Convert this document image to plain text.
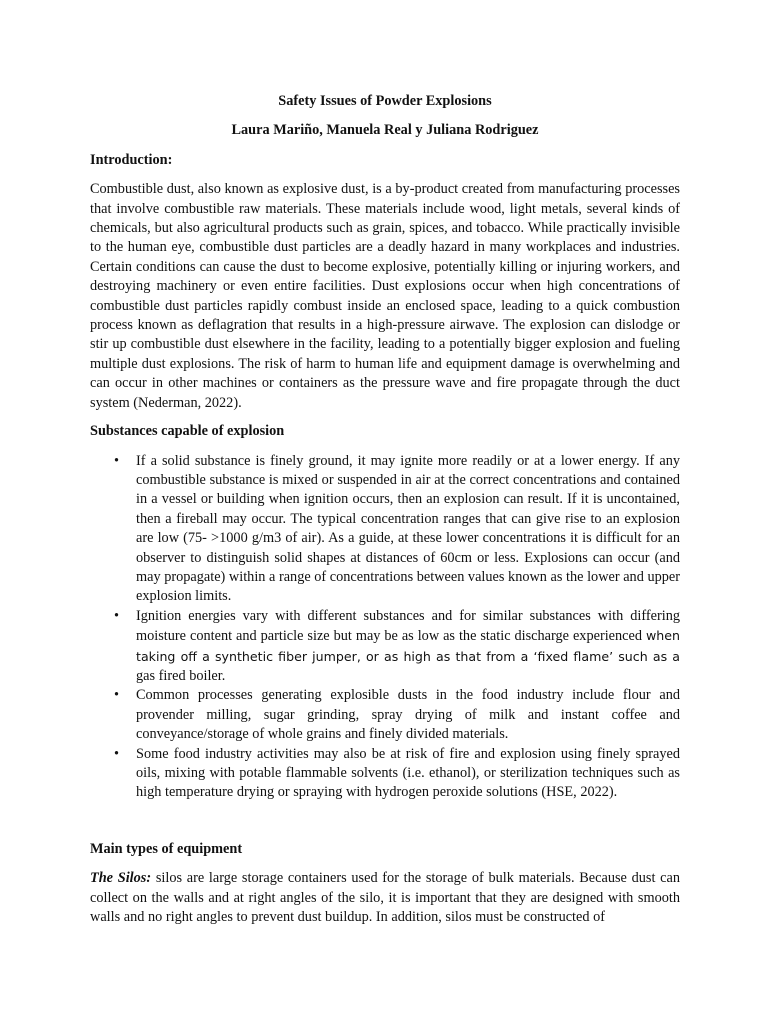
Safety Issues of Powder Explosions

Laura Mariño, Manuela Real y Juliana Rodriguez

Introduction:

Combustible dust, also known as explosive dust, is a by-product created from manufacturing processes that involve combustible raw materials. These materials include wood, light metals, several kinds of chemicals, but also agricultural products such as grain, spices, and tobacco. While practically invisible to the human eye, combustible dust particles are a deadly hazard in many workplaces and industries. Certain conditions can cause the dust to become explosive, potentially killing or injuring workers, and destroying machinery or even entire facilities. Dust explosions occur when high concentrations of combustible dust particles rapidly combust inside an enclosed space, leading to a quick combustion process known as deflagration that results in a high-pressure airwave. The explosion can dislodge or stir up combustible dust elsewhere in the facility, leading to a potentially bigger explosion and fueling multiple dust explosions. The risk of harm to human life and equipment damage is overwhelming and can occur in other machines or containers as the pressure wave and fire propagate through the duct system (Nederman, 2022).

Substances capable of explosion
• If a solid substance is finely ground, it may ignite more readily or at a lower energy. If any combustible substance is mixed or suspended in air at the correct concentrations and contained in a vessel or building when ignition occurs, then an explosion can result. If it is uncontained, then a fireball may occur. The typical concentration ranges that can give rise to an explosion are low (75- >1000 g/m3 of air). As a guide, at these lower concentrations it is difficult for an observer to distinguish solid shapes at distances of 60cm or less. Explosions can occur (and may propagate) within a range of concentrations between values known as the lower and upper explosion limits.
• Ignition energies vary with different substances and for similar substances with differing moisture content and particle size but may be as low as the static discharge experienced when taking off a synthetic fiber jumper, or as high as that from a ‘fixed flame’ such as a gas fired boiler.
• Common processes generating explosible dusts in the food industry include flour and provender milling, sugar grinding, spray drying of milk and instant coffee and conveyance/storage of whole grains and finely divided materials.
• Some food industry activities may also be at risk of fire and explosion using finely sprayed oils, mixing with potable flammable solvents (i.e. ethanol), or sterilization techniques such as high temperature drying or spraying with hydrogen peroxide solutions (HSE, 2022).
Main types of equipment

The Silos: silos are large storage containers used for the storage of bulk materials. Because dust can collect on the walls and at right angles of the silo, it is important that they are designed with smooth walls and no right angles to prevent dust buildup. In addition, silos must be constructed of
